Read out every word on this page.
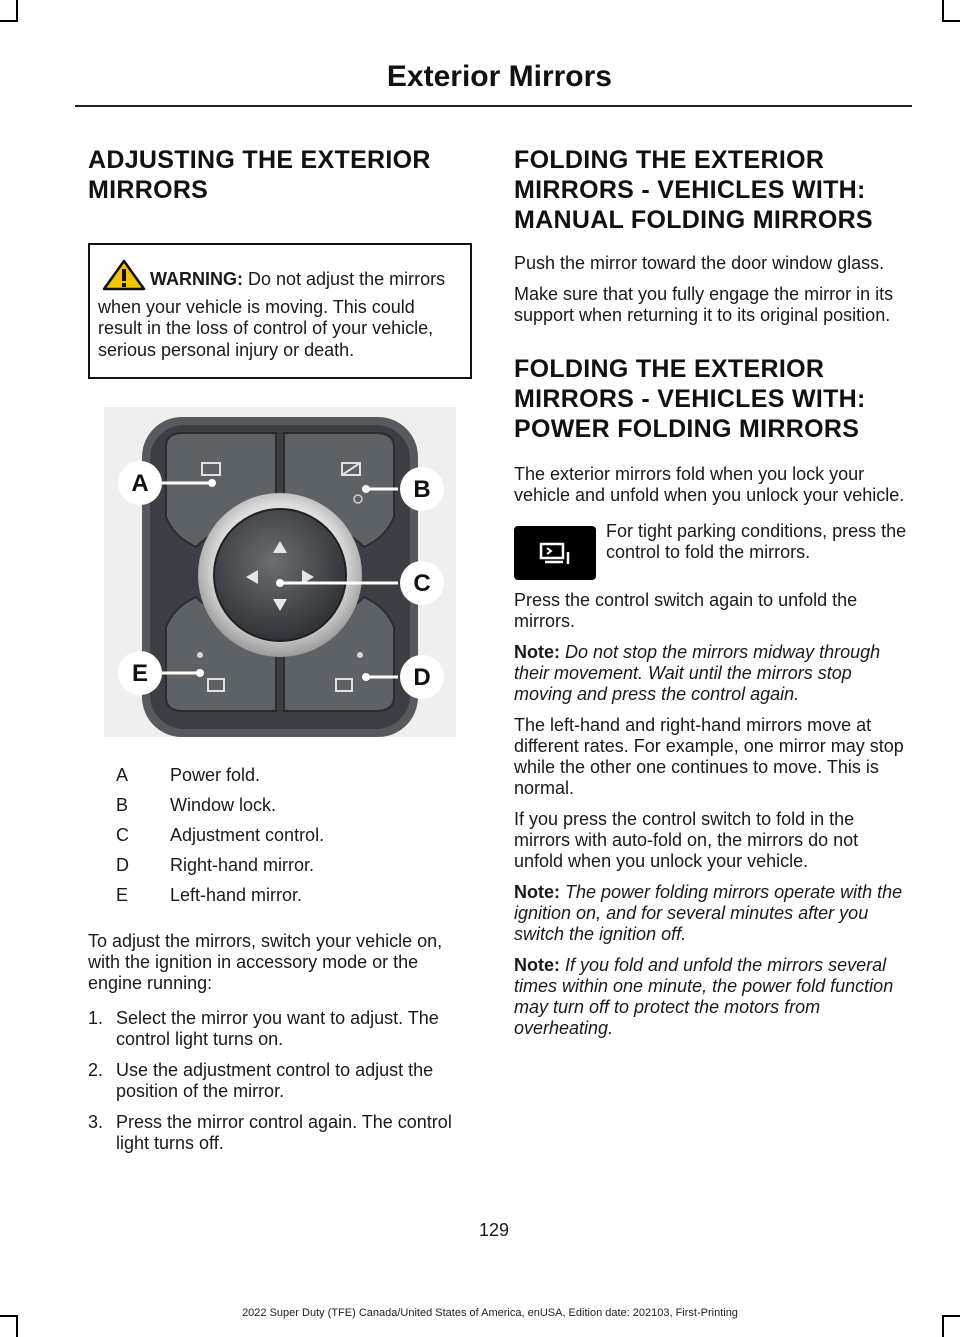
Exterior Mirrors
ADJUSTING THE EXTERIOR
MIRRORS
WARNING: Do not adjust the mirrors when your vehicle is moving. This could result in the loss of control of your vehicle, serious personal injury or death.
A	B
C
D
E
A	Power fold.
B	Window lock.
C	Adjustment control.
D	Right-hand mirror.
E	Left-hand mirror.

To adjust the mirrors, switch your vehicle on, with the ignition in accessory mode or the engine running:

1. Select the mirror you want to adjust. The control light turns on.
2. Use the adjustment control to adjust the position of the mirror.
3. Press the mirror control again. The control light turns off.
FOLDING THE EXTERIOR
MIRRORS - VEHICLES WITH:
MANUAL FOLDING MIRRORS

Push the mirror toward the door window glass.

Make sure that you fully engage the mirror in its support when returning it to its original position.

FOLDING THE EXTERIOR
MIRRORS - VEHICLES WITH:
POWER FOLDING MIRRORS

The exterior mirrors fold when you lock your vehicle and unfold when you unlock your vehicle.

For tight parking conditions, press the control to fold the mirrors.

Press the control switch again to unfold the mirrors.

Note: Do not stop the mirrors midway through their movement. Wait until the mirrors stop moving and press the control again.

The left-hand and right-hand mirrors move at different rates. For example, one mirror may stop while the other one continues to move. This is normal.

If you press the control switch to fold in the mirrors with auto-fold on, the mirrors do not unfold when you unlock your vehicle.

Note: The power folding mirrors operate with the ignition on, and for several minutes after you switch the ignition off.

Note: If you fold and unfold the mirrors several times within one minute, the power fold function may turn off to protect the motors from overheating.

129
2022 Super Duty (TFE) Canada/United States of America, enUSA, Edition date: 202103, First-Printing
